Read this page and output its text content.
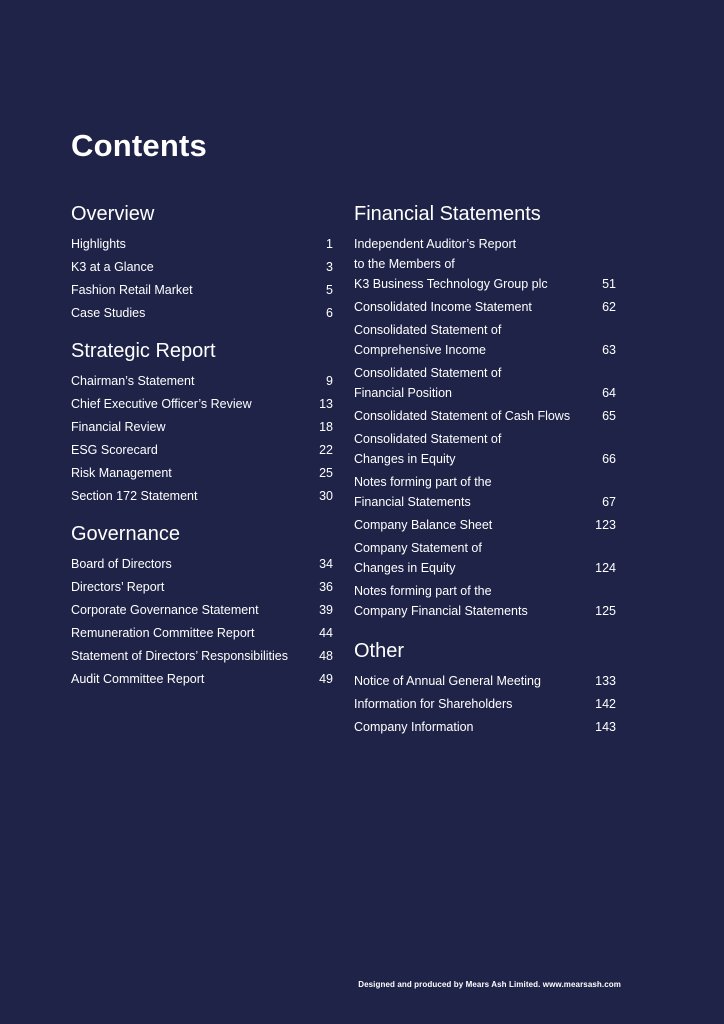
Contents
Overview
Highlights	1
K3 at a Glance	3
Fashion Retail Market	5
Case Studies	6
Strategic Report
Chairman’s Statement	9
Chief Executive Officer’s Review	13
Financial Review	18
ESG Scorecard	22
Risk Management	25
Section 172 Statement	30
Governance
Board of Directors	34
Directors’ Report	36
Corporate Governance Statement	39
Remuneration Committee Report	44
Statement of Directors’ Responsibilities	48
Audit Committee Report	49
Financial Statements
Independent Auditor’s Report
to the Members of
K3 Business Technology Group plc	51
Consolidated Income Statement	62
Consolidated Statement of
Comprehensive Income	63
Consolidated Statement of
Financial Position	64
Consolidated Statement of Cash Flows	65
Consolidated Statement of
Changes in Equity	66
Notes forming part of the
Financial Statements	67
Company Balance Sheet	123
Company Statement of
Changes in Equity	124
Notes forming part of the
Company Financial Statements	125
Other
Notice of Annual General Meeting	133
Information for Shareholders	142
Company Information	143
Designed and produced by Mears Ash Limited. www.mearsash.com
